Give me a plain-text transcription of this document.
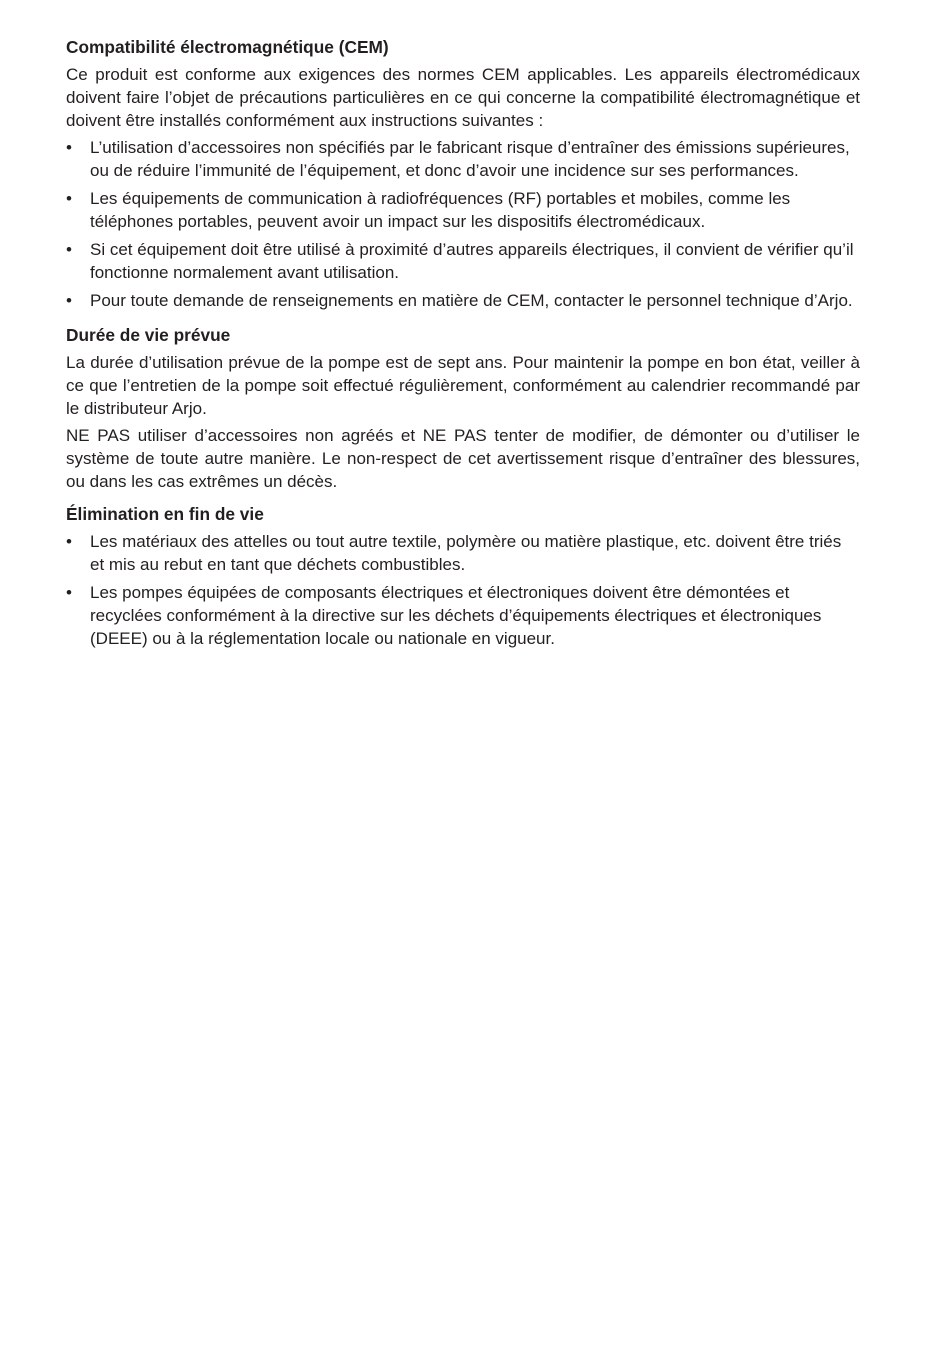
Compatibilité électromagnétique (CEM)

Ce produit est conforme aux exigences des normes CEM applicables. Les appareils électromédicaux doivent faire l’objet de précautions particulières en ce qui concerne la compatibilité électromagnétique et doivent être installés conformément aux instructions suivantes :

•	L’utilisation d’accessoires non spécifiés par le fabricant risque d’entraîner des émissions supérieures, ou de réduire l’immunité de l’équipement, et donc d’avoir une incidence sur ses performances.
•	Les équipements de communication à radiofréquences (RF) portables et mobiles, comme les téléphones portables, peuvent avoir un impact sur les dispositifs électromédicaux.
•	Si cet équipement doit être utilisé à proximité d’autres appareils électriques, il convient de vérifier qu’il fonctionne normalement avant utilisation.
•	Pour toute demande de renseignements en matière de CEM, contacter le personnel technique d’Arjo.
Durée de vie prévue

La durée d’utilisation prévue de la pompe est de sept ans. Pour maintenir la pompe en bon état, veiller à ce que l’entretien de la pompe soit effectué régulièrement, conformément au calendrier recommandé par le distributeur Arjo.

NE PAS utiliser d’accessoires non agréés et NE PAS tenter de modifier, de démonter ou d’utiliser le système de toute autre manière. Le non-respect de cet avertissement risque d’entraîner des blessures, ou dans les cas extrêmes un décès.

Élimination en fin de vie
•	Les matériaux des attelles ou tout autre textile, polymère ou matière plastique, etc. doivent être triés et mis au rebut en tant que déchets combustibles.
•	Les pompes équipées de composants électriques et électroniques doivent être démontées et recyclées conformément à la directive sur les déchets d’équipements électriques et électroniques (DEEE) ou à la réglementation locale ou nationale en vigueur.
